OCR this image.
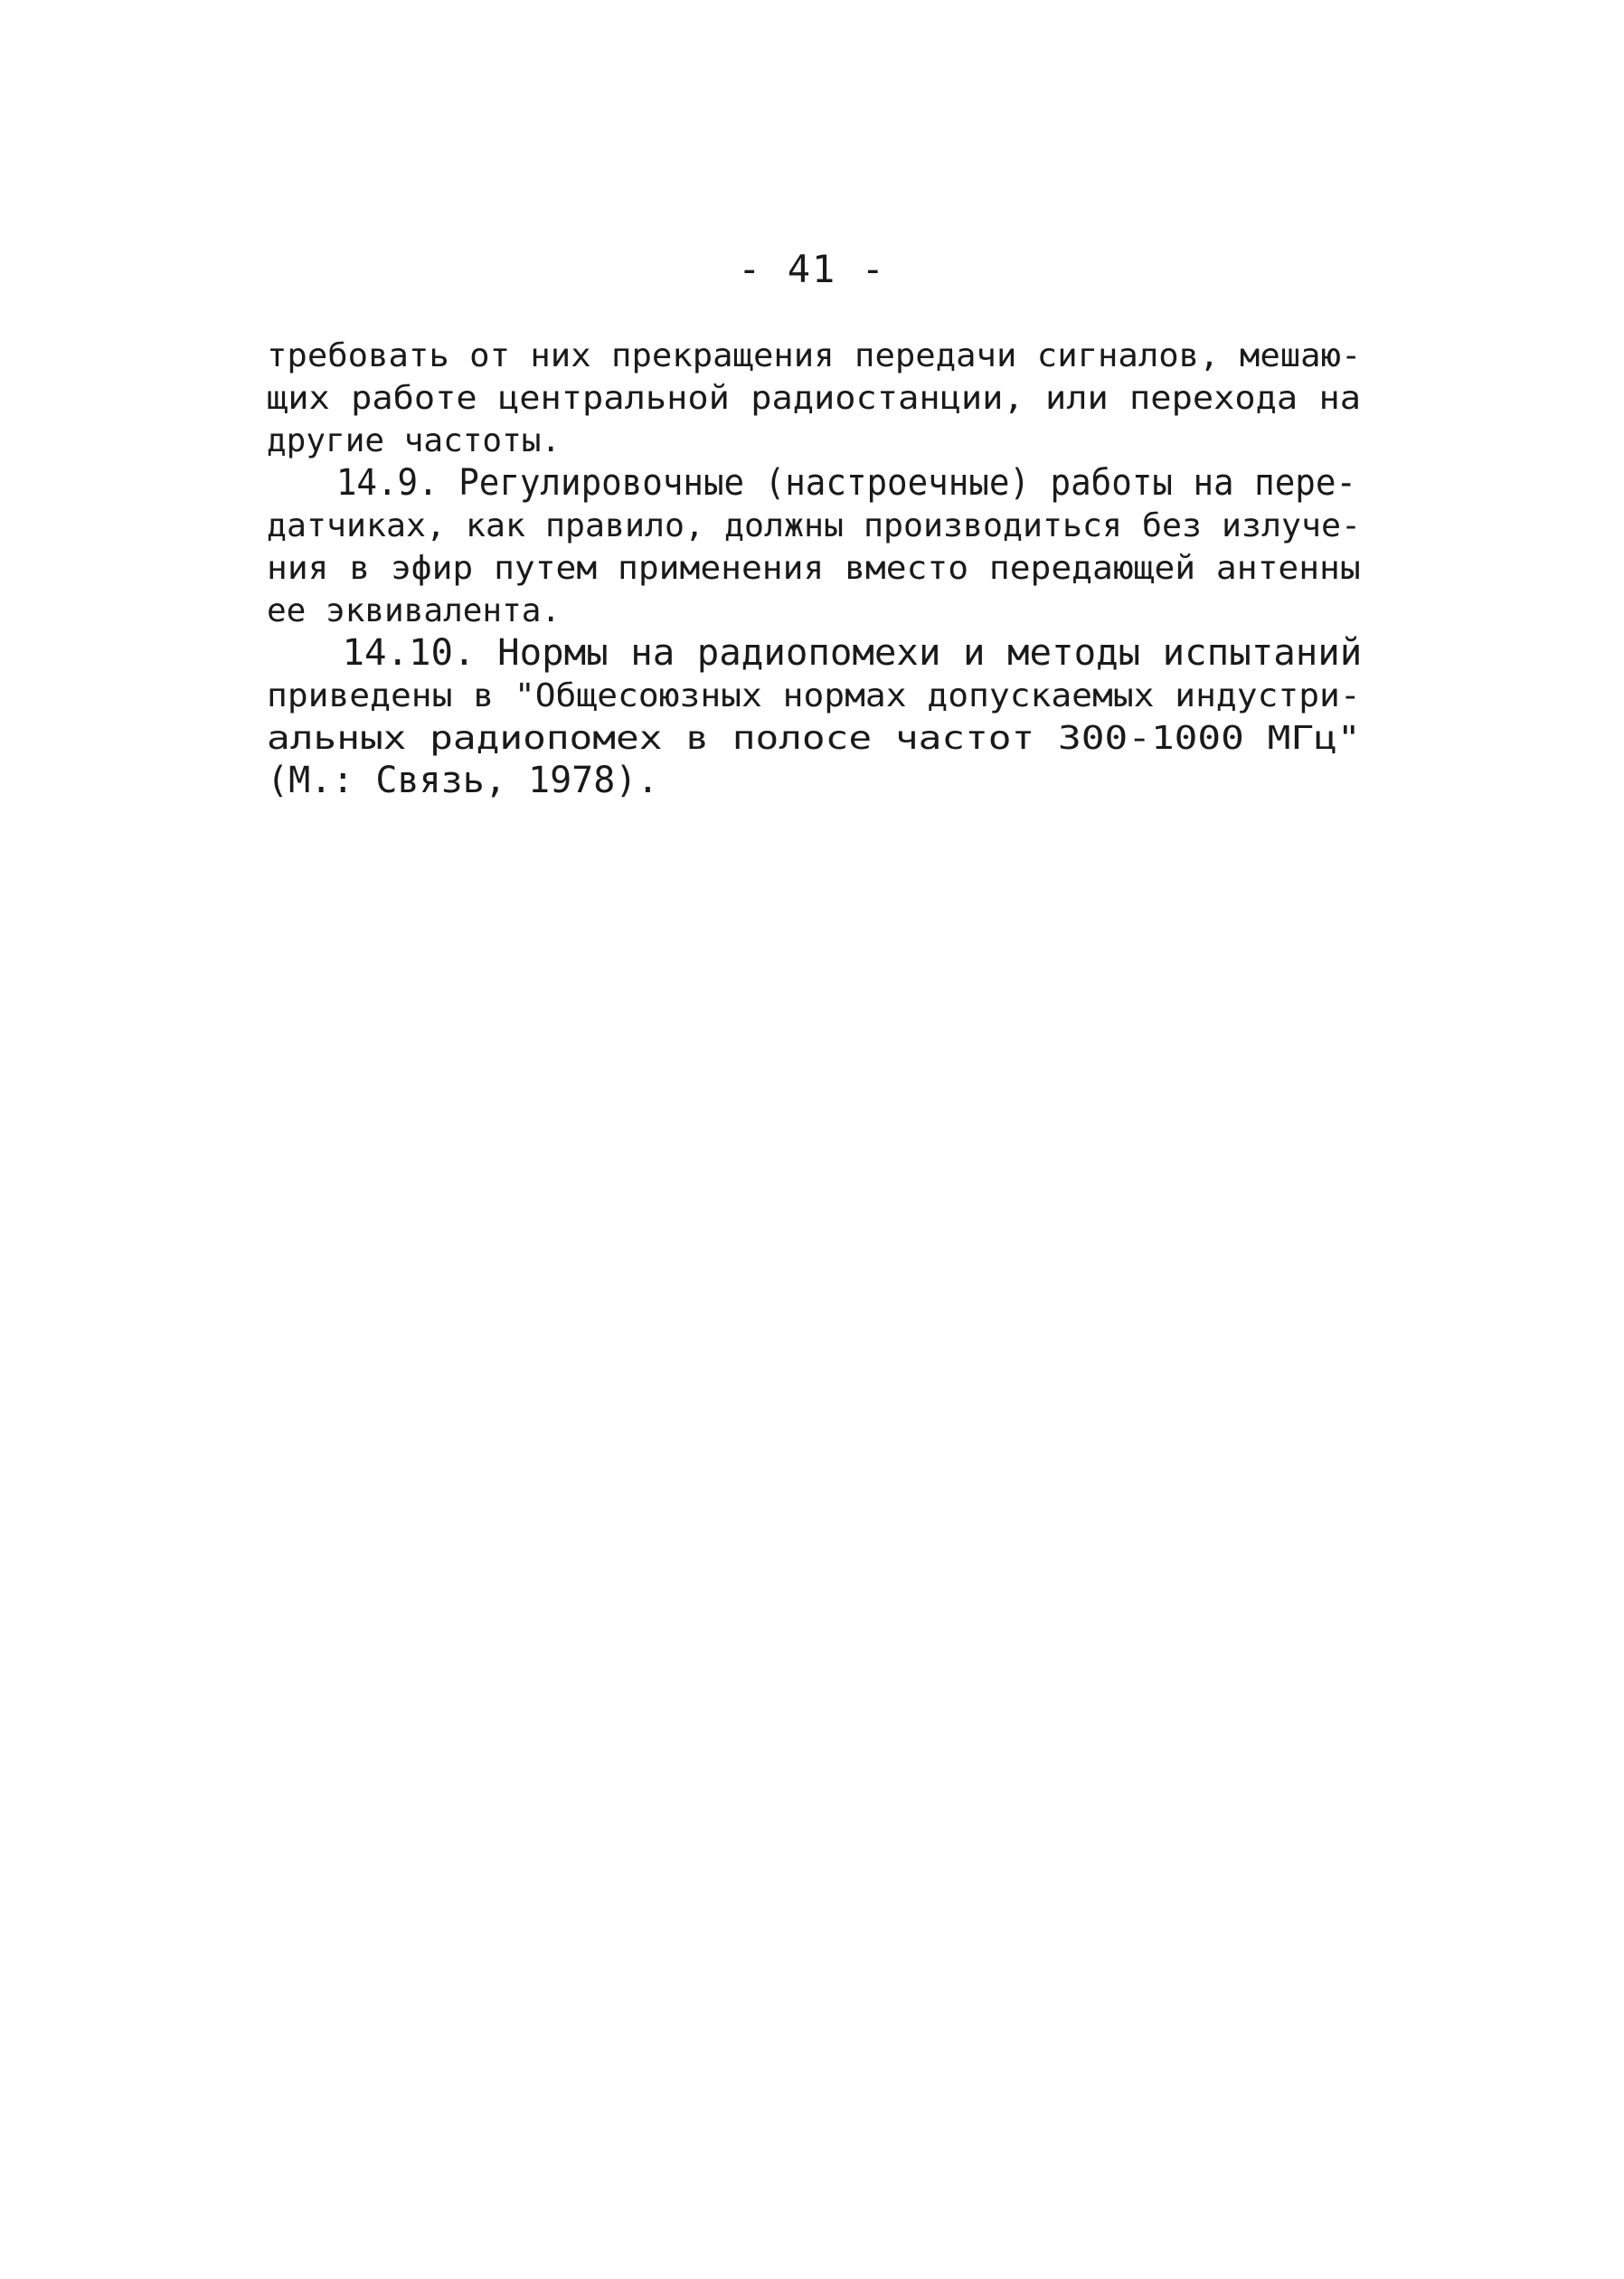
- 41 -
требовать от них прекращения передачи сигналов, мешаю-
щих работе центральной радиостанции, или перехода на
другие частоты.
14.9. Регулировочные (настроечные) работы на пере-
датчиках, как правило, должны производиться без излуче-
ния в эфир путем применения вместо передающей антенны
ее эквивалента.
14.10. Нормы на радиопомехи и методы испытаний
приведены в "Общесоюзных нормах допускаемых индустри-
альных радиопомех в полосе частот 300-1000 МГц"
(М.: Связь, 1978).
